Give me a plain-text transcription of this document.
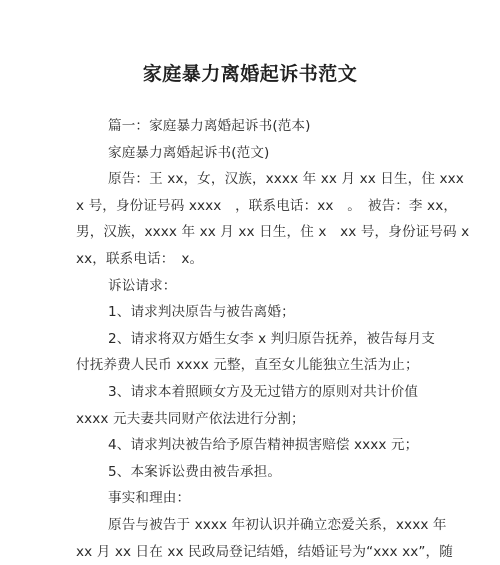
家庭暴力离婚起诉书范文
篇一：家庭暴力离婚起诉书(范本)
家庭暴力离婚起诉书(范文)
原告：王 xx，女，汉族，xxxx 年 xx 月 xx 日生，住 xxx
x 号，身份证号码 xxxx　，联系电话：xx　。　被告：李 xx，
男，汉族，xxxx 年 xx 月 xx 日生，住 x　xx 号，身份证号码 x
xx，联系电话：　x。
诉讼请求：
1、请求判决原告与被告离婚；
2、请求将双方婚生女李 x 判归原告抚养，被告每月支
付抚养费人民币 xxxx 元整，直至女儿能独立生活为止；
3、请求本着照顾女方及无过错方的原则对共计价值
xxxx 元夫妻共同财产依法进行分割；
4、请求判决被告给予原告精神损害赔偿 xxxx 元；
5、本案诉讼费由被告承担。
事实和理由：
原告与被告于 xxxx 年初认识并确立恋爱关系，xxxx 年
xx 月 xx 日在 xx 民政局登记结婚，结婚证号为“xxx xx”，随
